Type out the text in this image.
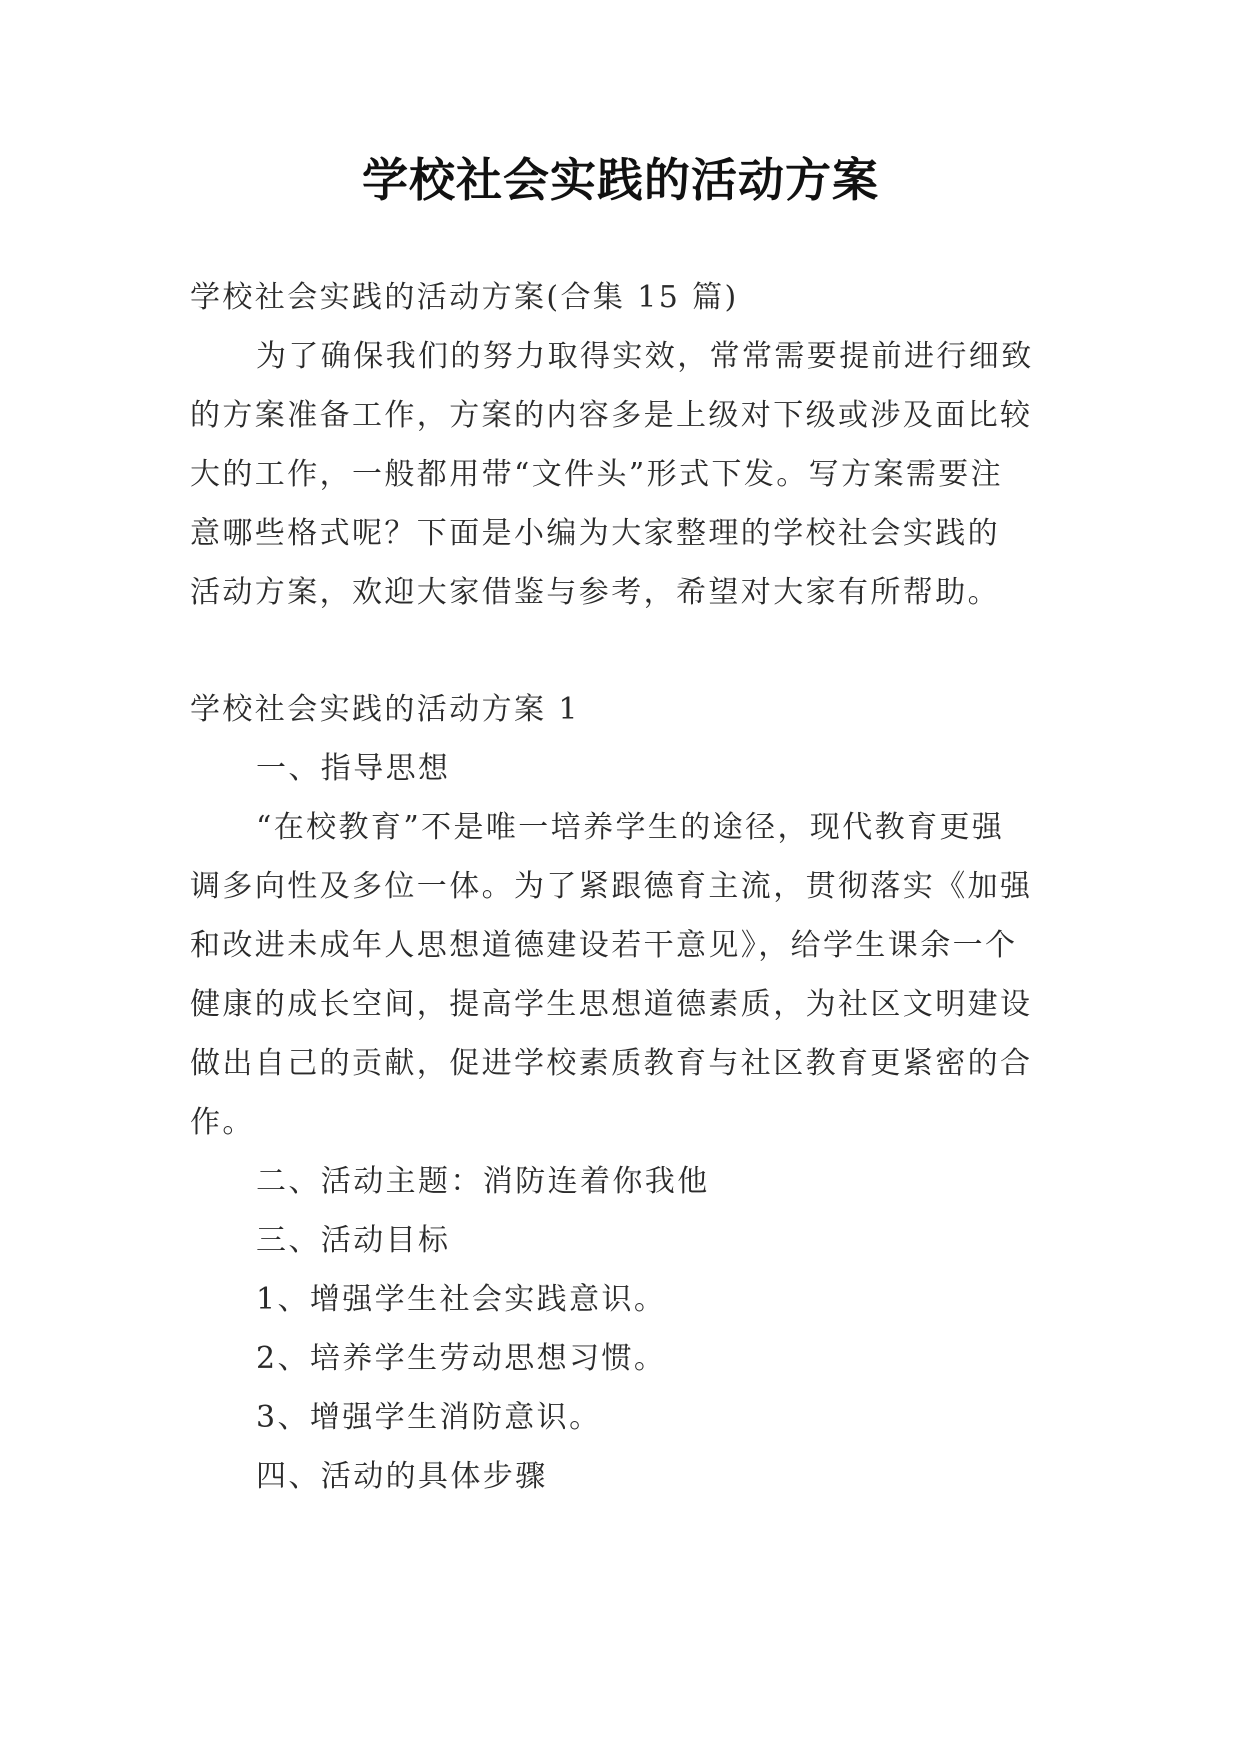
学校社会实践的活动方案
学校社会实践的活动方案(合集 15 篇)
为了确保我们的努力取得实效，常常需要提前进行细致
的方案准备工作，方案的内容多是上级对下级或涉及面比较
大的工作，一般都用带“文件头”形式下发。写方案需要注
意哪些格式呢？下面是小编为大家整理的学校社会实践的
活动方案，欢迎大家借鉴与参考，希望对大家有所帮助。
学校社会实践的活动方案 1
一、指导思想
“在校教育”不是唯一培养学生的途径，现代教育更强
调多向性及多位一体。为了紧跟德育主流，贯彻落实《加强
和改进未成年人思想道德建设若干意见》，给学生课余一个
健康的成长空间，提高学生思想道德素质，为社区文明建设
做出自己的贡献，促进学校素质教育与社区教育更紧密的合
作。
二、活动主题：消防连着你我他
三、活动目标
1、增强学生社会实践意识。
2、培养学生劳动思想习惯。
3、增强学生消防意识。
四、活动的具体步骤
